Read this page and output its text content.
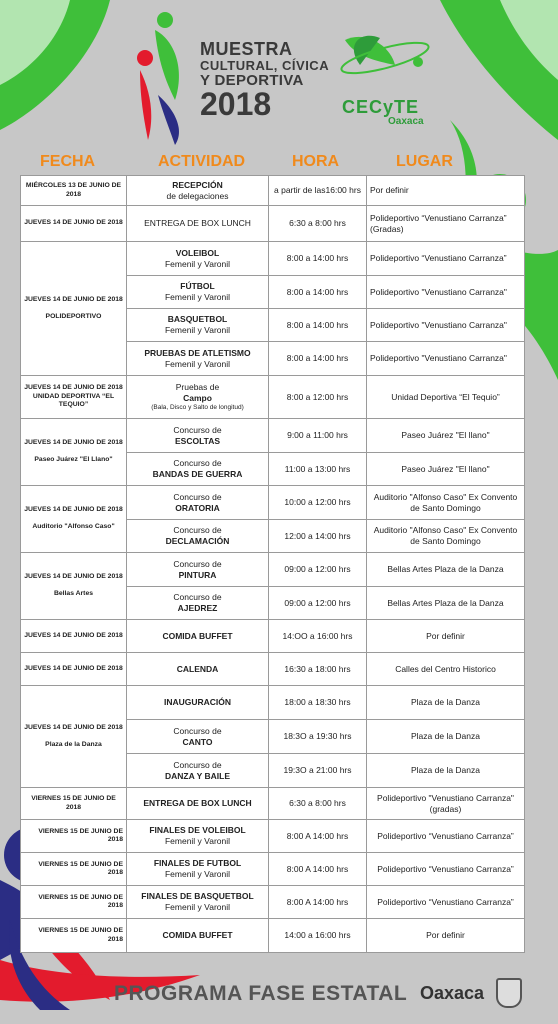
MUESTRA
CULTURAL, CÍVICA
Y DEPORTIVA
2018	CECyTE
Oaxaca
FECHA	ACTIVIDAD	HORA	LUGAR
MIÉRCOLES 13 DE JUNIO DE 2018	RECEPCIÓN
de delegaciones	a partir de las16:00 hrs	Por definir
JUEVES 14 DE JUNIO DE 2018	ENTREGA DE BOX LUNCH	6:30 a 8:00 hrs	Polideportivo “Venustiano Carranza” (Gradas)

JUEVES 14 DE JUNIO DE 2018

POLIDEPORTIVO	VOLEIBOL
Femenil y Varonil	8:00 a 14:00 hrs	Polideportivo “Venustiano Carranza”

	FÚTBOL
Femenil y Varonil	8:00 a 14:00 hrs	Polideportivo "Venustiano Carranza"

	BASQUETBOL
Femenil y Varonil	8:00 a 14:00 hrs	Polideportivo "Venustiano Carranza"

	PRUEBAS DE ATLETISMO
Femenil y Varonil	8:00 a 14:00 hrs	Polideportivo "Venustiano Carranza"

JUEVES 14 DE JUNIO DE 2018
UNIDAD DEPORTIVA “EL TEQUIO”	Pruebas de
Campo
(Bala, Disco y Salto de longitud)	8:00 a 12:00 hrs	Unidad Deportiva “El Tequio”

JUEVES 14 DE JUNIO DE 2018

Paseo Juárez "El Llano"	Concurso de
ESCOLTAS	9:00 a 11:00 hrs	Paseo Juárez "El llano"

	Concurso de
BANDAS DE GUERRA	11:00 a 13:00 hrs	Paseo Juárez "El llano"

JUEVES 14 DE JUNIO DE 2018

Auditorio "Alfonso Caso"	Concurso de
ORATORIA	10:00 a 12:00 hrs	Auditorio "Alfonso Caso" Ex Convento de Santo Domingo

	Concurso de
DECLAMACIÓN	12:00 a 14:00 hrs	Auditorio "Alfonso Caso" Ex Convento de Santo Domingo

JUEVES 14 DE JUNIO DE 2018

Bellas Artes	Concurso de
PINTURA	09:00 a 12:00 hrs	Bellas Artes Plaza de la Danza

	Concurso de
AJEDREZ	09:00 a 12:00 hrs	Bellas Artes Plaza de la Danza
JUEVES 14 DE JUNIO DE 2018	COMIDA BUFFET	14:OO a 16:00 hrs	Por definir
JUEVES 14 DE JUNIO DE 2018	CALENDA	16:30 a 18:00 hrs	Calles del Centro Historico

JUEVES 14 DE JUNIO DE 2018

Plaza de la Danza	INAUGURACIÓN	18:00 a 18:30 hrs	Plaza de la Danza

	Concurso de
CANTO	18:3O a 19:30 hrs	Plaza de la Danza

	Concurso de
DANZA Y BAILE	19:3O a 21:00 hrs	Plaza de la Danza
VIERNES 15 DE JUNIO DE 2018	ENTREGA DE BOX LUNCH	6:30 a 8:00 hrs	Polideportivo "Venustiano Carranza" (gradas)
VIERNES 15 DE JUNIO DE 2018	FINALES DE VOLEIBOL
Femenil y Varonil	8:00 A 14:00 hrs	Polideportivo “Venustiano Carranza”
VIERNES 15 DE JUNIO DE 2018	FINALES DE FUTBOL
Femenil y Varonil	8:00 A 14:00 hrs	Polideportivo “Venustiano Carranza”
VIERNES 15 DE JUNIO DE 2018	FINALES DE BASQUETBOL
Femenil y Varonil	8:00 A 14:00 hrs	Polideportivo “Venustiano Carranza”
VIERNES 15 DE JUNIO DE 2018	COMIDA BUFFET	14:00 a 16:00 hrs	Por definir
PROGRAMA FASE ESTATAL Oaxaca
